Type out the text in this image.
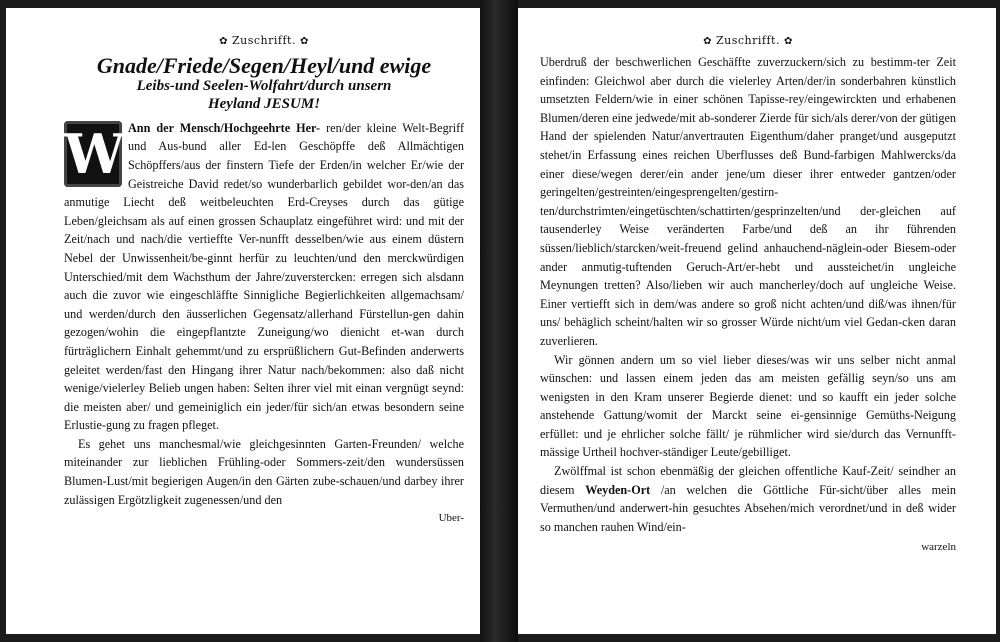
✿ Zuschrifft. ✿
Gnade/Friede/Segen/Heyl/und ewige
Leibs-und Seelen-Wolfahrt/durch unsern
Heyland JESUM!

W Ann der Mensch/Hochgeehrte Her- ren/der kleine Welt-Begriff und Aus-bund aller Ed-len Geschöpffe deß Allmächtigen Schöpffers/aus der finstern Tiefe der Erden/in welcher Er/wie der Geistreiche David redet/so wunderbarlich gebildet wor-den/an das anmutige Liecht deß weitbeleuchten Erd-Creyses durch das gütige Leben/gleichsam als auf einen grossen Schauplatz eingeführet wird: und mit der Zeit/nach und nach/die vertieffte Ver-nunfft desselben/wie aus einem düstern Nebel der Unwissenheit/be-ginnt herfür zu leuchten/und den merckwürdigen Unterschied/mit dem Wachsthum der Jahre/zuverstercken: erregen sich alsdann auch die zuvor wie eingeschläffte Sinnigliche Begierlichkeiten allgemachsam/ und werden/durch den äusserlichen Gegensatz/allerhand Fürstellun-gen dahin gezogen/wohin die eingepflantzte Zuneigung/wo dienicht et-wan durch fürträglichern Einhalt gehemmt/und zu ersprüßlichern Gut-Befinden anderwerts geleitet werden/fast den Hingang ihrer Natur nach/bekommen: also daß nicht wenige/vielerley Belieb ungen haben: Selten ihrer viel mit einan vergnügt seynd: die meisten aber/ und gemeiniglich ein jeder/für sich/an etwas besondern seine Erlustie-gung zu fragen pfleget.

Es gehet uns manchesmal/wie gleichgesinnten Garten-Freunden/ welche miteinander zur lieblichen Frühling-oder Sommers-zeit/den wundersüssen Blumen-Lust/mit begierigen Augen/in den Gärten zube-schauen/und darbey ihrer zulässigen Ergötzligkeit zugenessen/und den

Uber-
✿ Zuschrifft. ✿

Uberdruß der beschwerlichen Geschäffte zuverzuckern/sich zu bestimm-ter Zeit einfinden: Gleichwol aber durch die vielerley Arten/der/in sonderbahren künstlich umsetzten Feldern/wie in einer schönen Tapisse-rey/eingewirckten und erhabenen Blumen/deren eine jedwede/mit ab-sonderer Zierde für sich/als derer/von der gütigen Hand der spielenden Natur/anvertrauten Eigenthum/daher pranget/und ausgeputzt stehet/in Erfassung eines reichen Uberflusses deß Bund-farbigen Mahlwercks/da einer diese/wegen derer/ein ander jene/um dieser ihrer entweder gantzen/oder geringelten/gestreinten/eingesprengelten/gestirn-ten/durchstrimten/eingetüschten/schattirten/gesprinzelten/und der-gleichen auf tausenderley Weise veränderten Farbe/und deß an ihr führenden süssen/lieblich/starcken/weit-freuend gelind anhauchend-näglein-oder Biesem-oder ander anmutig-tuftenden Geruch-Art/er-hebt und aussteichet/in ungleiche Meynungen tretten? Also/lieben wir auch mancherley/doch auf ungleiche Weise. Einer vertiefft sich in dem/was andere so groß nicht achten/und diß/was ihnen/für uns/ behäglich scheint/halten wir so grosser Würde nicht/um viel Gedan-cken daran zuverlieren.

Wir gönnen andern um so viel lieber dieses/was wir uns selber nicht anmal wünschen: und lassen einem jeden das am meisten gefällig seyn/so uns am wenigsten in den Kram unserer Begierde dienet: und so kaufft ein jeder solche anstehende Gattung/womit der Marckt seine ei-gensinnige Gemüths-Neigung erfüllet: und je ehrlicher solche fällt/ je rühmlicher wird sie/durch das Vernunfft-mässige Urtheil hochver-ständiger Leute/gebilliget.

Zwölffmal ist schon ebenmäßig der gleichen offentliche Kauf-Zeit/ seindher an diesem Weyden-Ort /an welchen die Göttliche Für-sicht/über alles mein Vermuthen/und anderwert-hin gesuchtes Absehen/mich verordnet/und in deß wider so manchen rauhen Wind/ein-

warzeln
